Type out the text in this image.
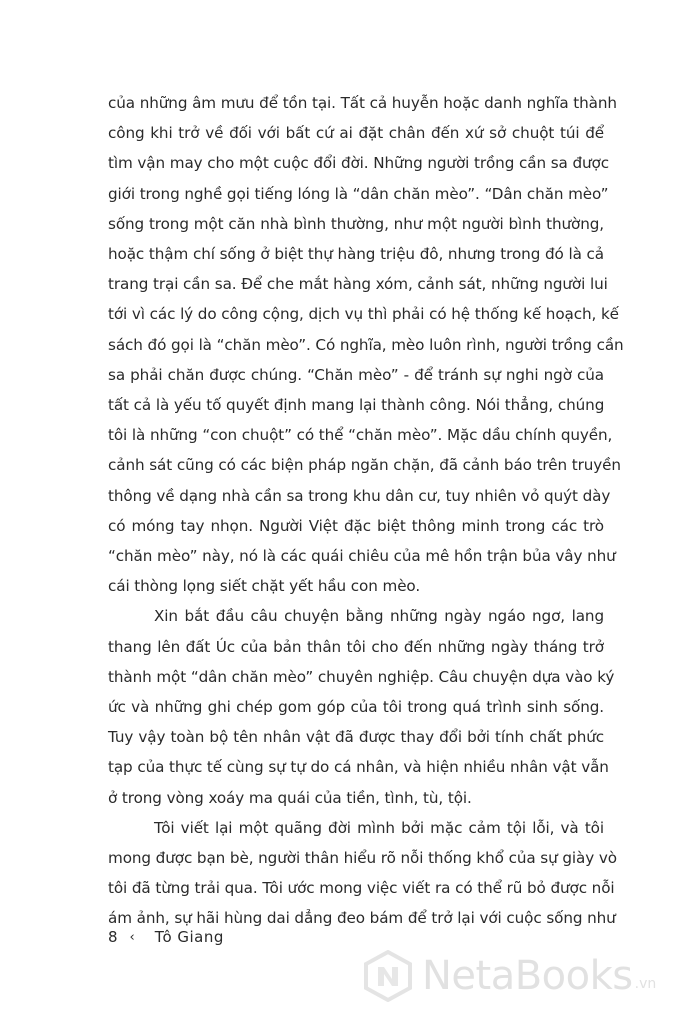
của những âm mưu để tồn tại. Tất cả huyễn hoặc danh nghĩa thành
công khi trở về đối với bất cứ ai đặt chân đến xứ sở chuột túi để
tìm vận may cho một cuộc đổi đời. Những người trồng cần sa được
giới trong nghề gọi tiếng lóng là “dân chăn mèo”. “Dân chăn mèo”
sống trong một căn nhà bình thường, như một người bình thường,
hoặc thậm chí sống ở biệt thự hàng triệu đô, nhưng trong đó là cả
trang trại cần sa. Để che mắt hàng xóm, cảnh sát, những người lui
tới vì các lý do công cộng, dịch vụ thì phải có hệ thống kế hoạch, kế
sách đó gọi là “chăn mèo”. Có nghĩa, mèo luôn rình, người trồng cần
sa phải chăn được chúng. “Chăn mèo” - để tránh sự nghi ngờ của
tất cả là yếu tố quyết định mang lại thành công. Nói thẳng, chúng
tôi là những “con chuột” có thể “chăn mèo”. Mặc dầu chính quyền,
cảnh sát cũng có các biện pháp ngăn chặn, đã cảnh báo trên truyền
thông về dạng nhà cần sa trong khu dân cư, tuy nhiên vỏ quýt dày
có móng tay nhọn. Người Việt đặc biệt thông minh trong các trò
“chăn mèo” này, nó là các quái chiêu của mê hồn trận bủa vây như
cái thòng lọng siết chặt yết hầu con mèo.
Xin bắt đầu câu chuyện bằng những ngày ngáo ngơ, lang
thang lên đất Úc của bản thân tôi cho đến những ngày tháng trở
thành một “dân chăn mèo” chuyên nghiệp. Câu chuyện dựa vào ký
ức và những ghi chép gom góp của tôi trong quá trình sinh sống.
Tuy vậy toàn bộ tên nhân vật đã được thay đổi bởi tính chất phức
tạp của thực tế cùng sự tự do cá nhân, và hiện nhiều nhân vật vẫn
ở trong vòng xoáy ma quái của tiền, tình, tù, tội.
Tôi viết lại một quãng đời mình bởi mặc cảm tội lỗi, và tôi
mong được bạn bè, người thân hiểu rõ nỗi thống khổ của sự giày vò
tôi đã từng trải qua. Tôi ước mong việc viết ra có thể rũ bỏ được nỗi
ám ảnh, sự hãi hùng dai dẳng đeo bám để trở lại với cuộc sống như
8 ‹ Tô Giang
NetaBooks .vn
